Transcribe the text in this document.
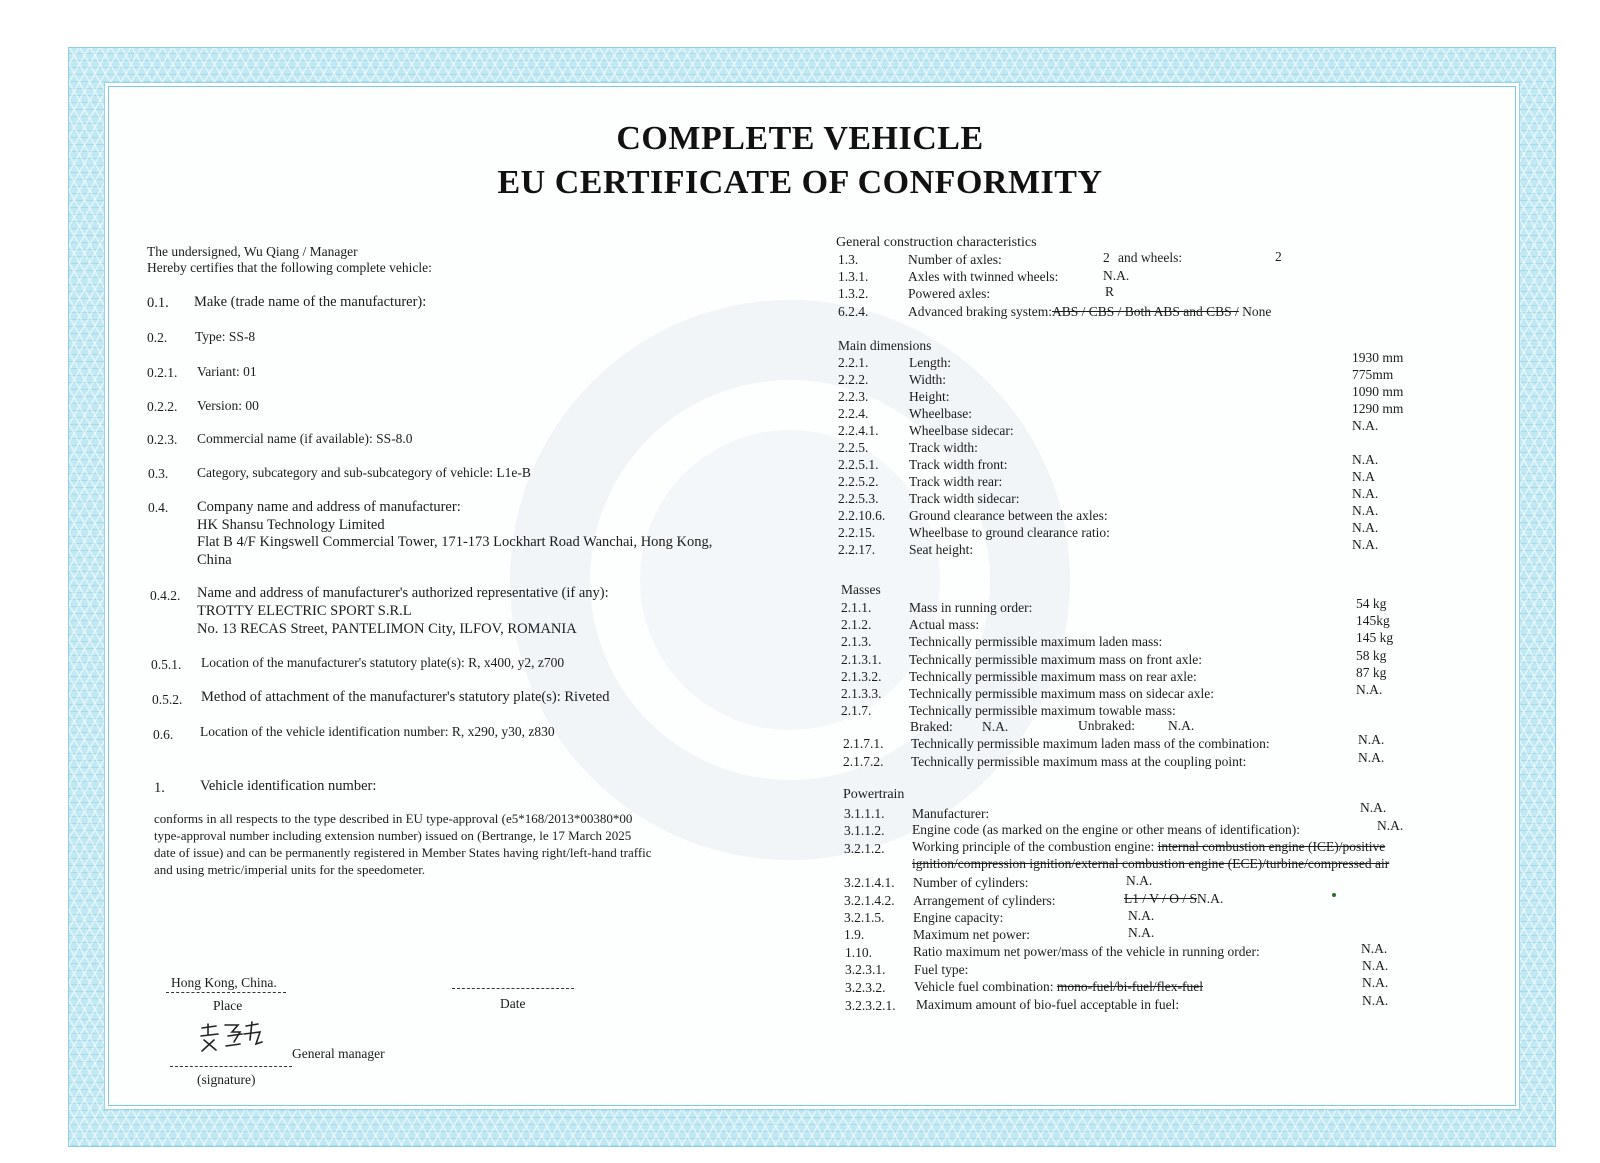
COMPLETE VEHICLE
EU CERTIFICATE OF CONFORMITY
The undersigned, Wu Qiang / Manager
Hereby certifies that the following complete vehicle:
0.1. Make (trade name of the manufacturer):
0.2. Type: SS-8
0.2.1. Variant: 01
0.2.2. Version: 00
0.2.3. Commercial name (if available): SS-8.0
0.3. Category, subcategory and sub-subcategory of vehicle: L1e-B
0.4. Company name and address of manufacturer:
HK Shansu Technology Limited
Flat B 4/F Kingswell Commercial Tower, 171-173 Lockhart Road Wanchai, Hong Kong,
China
0.4.2. Name and address of manufacturer's authorized representative (if any):
TROTTY ELECTRIC SPORT S.R.L
No. 13 RECAS Street, PANTELIMON City, ILFOV, ROMANIA
0.5.1. Location of the manufacturer's statutory plate(s): R, x400, y2, z700
0.5.2. Method of attachment of the manufacturer's statutory plate(s): Riveted
0.6. Location of the vehicle identification number: R, x290, y30, z830
1. Vehicle identification number:
conforms in all respects to the type described in EU type-approval (e5*168/2013*00380*00
type-approval number including extension number) issued on (Bertrange, le 17 March 2025
date of issue) and can be permanently registered in Member States having right/left-hand traffic
and using metric/imperial units for the speedometer.
Hong Kong, China.
Place	Date
General manager
(signature)
General construction characteristics
1.3.	Number of axles:	2 and wheels:	2
1.3.1.	Axles with twinned wheels:	N.A.
1.3.2.	Powered axles:	R
6.2.4.	Advanced braking system:ABS / CBS / Both ABS and CBS / None
Main dimensions
2.2.1.	Length:	1930 mm
2.2.2.	Width:	775mm
2.2.3.	Height:	1090 mm
2.2.4.	Wheelbase:	1290 mm
2.2.4.1. Wheelbase sidecar:	N.A.
2.2.5.	Track width:
2.2.5.1. Track width front:	N.A.
2.2.5.2. Track width rear:	N.A
2.2.5.3. Track width sidecar:	N.A.
2.2.10.6. Ground clearance between the axles:	N.A.
2.2.15.	Wheelbase to ground clearance ratio:	N.A.
2.2.17.	Seat height:	N.A.
Masses
2.1.1.	Mass in running order:	54 kg
2.1.2.	Actual mass:	145kg
2.1.3.	Technically permissible maximum laden mass:	145 kg
2.1.3.1. Technically permissible maximum mass on front axle:	58 kg
2.1.3.2. Technically permissible maximum mass on rear axle:	87 kg
2.1.3.3. Technically permissible maximum mass on sidecar axle:	N.A.
2.1.7.	Technically permissible maximum towable mass:
Braked: N.A.	Unbraked: N.A.
2.1.7.1. Technically permissible maximum laden mass of the combination:	N.A.
2.1.7.2. Technically permissible maximum mass at the coupling point:	N.A.
Powertrain
3.1.1.1. Manufacturer:	N.A.
3.1.1.2. Engine code (as marked on the engine or other means of identification):	N.A.
3.2.1.2. Working principle of the combustion engine: internal combustion engine (ICE)/positive
ignition/compression ignition/external combustion engine (ECE)/turbine/compressed air
3.2.1.4.1. Number of cylinders:	N.A.
3.2.1.4.2. Arrangement of cylinders:	L1 / V / O / SN.A.
3.2.1.5. Engine capacity:	N.A.
1.9.	Maximum net power:	N.A.
1.10.	Ratio maximum net power/mass of the vehicle in running order:	N.A.
3.2.3.1. Fuel type:	N.A.
3.2.3.2. Vehicle fuel combination: mono-fuel/bi-fuel/flex-fuel	N.A.
3.2.3.2.1. Maximum amount of bio-fuel acceptable in fuel:	N.A.
